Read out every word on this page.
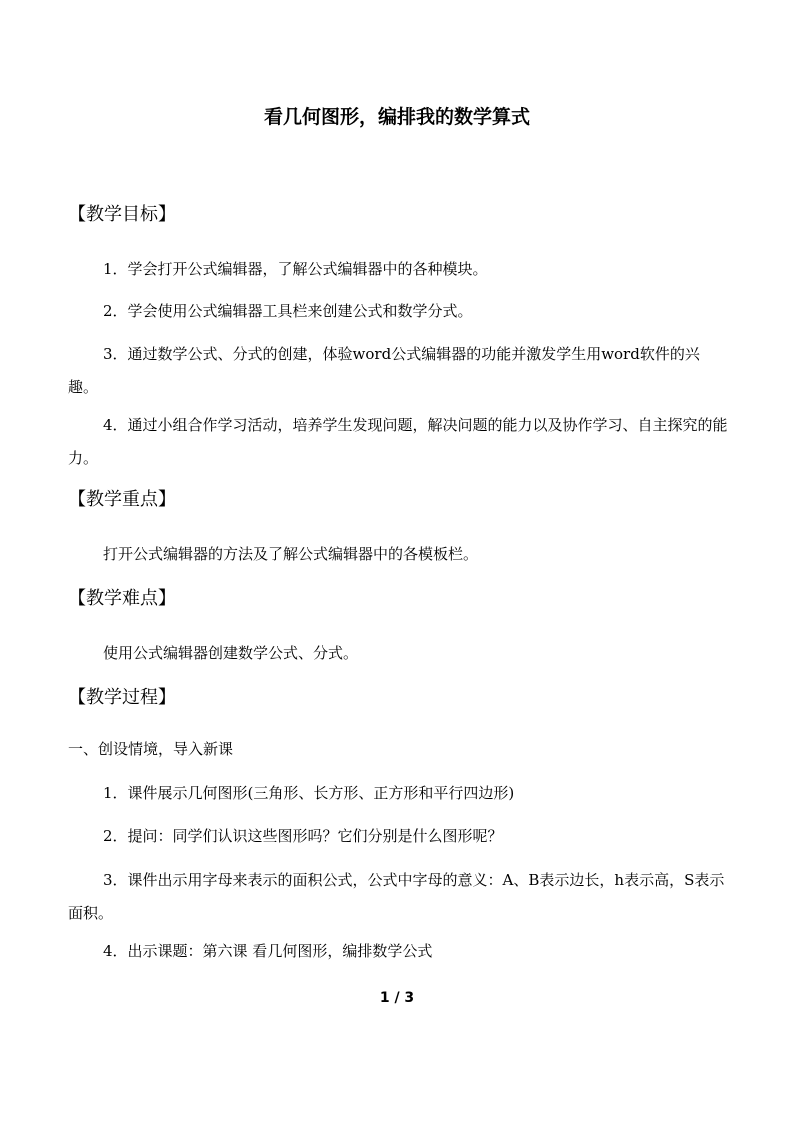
看几何图形，编排我的数学算式
【教学目标】
1．学会打开公式编辑器，了解公式编辑器中的各种模块。
2．学会使用公式编辑器工具栏来创建公式和数学分式。
3．通过数学公式、分式的创建，体验word公式编辑器的功能并激发学生用word软件的兴趣。
4．通过小组合作学习活动，培养学生发现问题，解决问题的能力以及协作学习、自主探究的能力。
【教学重点】
打开公式编辑器的方法及了解公式编辑器中的各模板栏。
【教学难点】
使用公式编辑器创建数学公式、分式。
【教学过程】
一、创设情境，导入新课
1．课件展示几何图形(三角形、长方形、正方形和平行四边形)
2．提问：同学们认识这些图形吗？它们分别是什么图形呢？
3．课件出示用字母来表示的面积公式，公式中字母的意义：A、B表示边长，h表示高，S表示面积。
4．出示课题：第六课 看几何图形，编排数学公式
1 / 3
